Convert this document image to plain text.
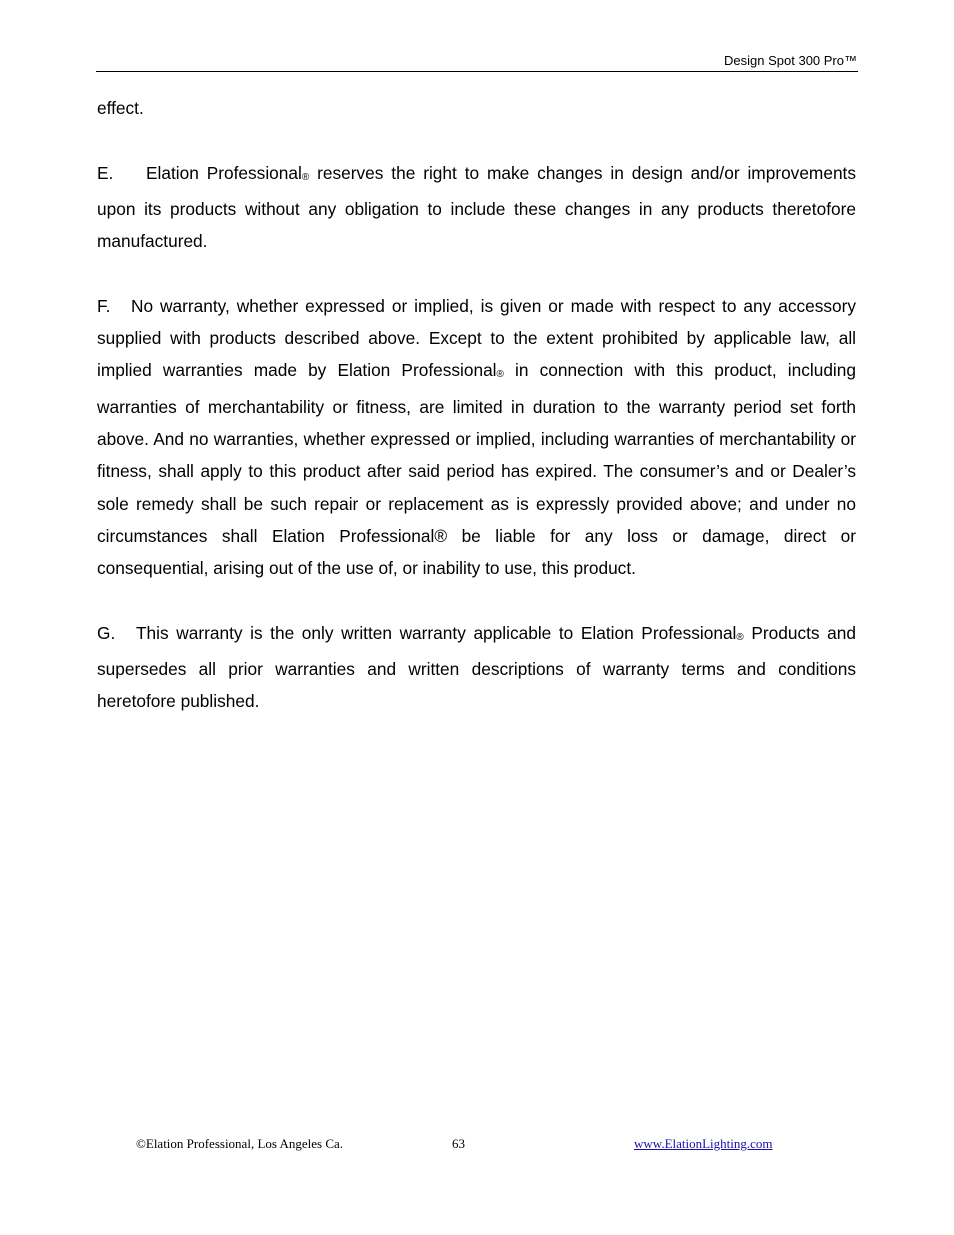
Design Spot 300 Pro™

effect.

E. Elation Professional® reserves the right to make changes in design and/or improvements upon its products without any obligation to include these changes in any products theretofore manufactured.

F. No warranty, whether expressed or implied, is given or made with respect to any accessory supplied with products described above. Except to the extent prohibited by applicable law, all implied warranties made by Elation Professional® in connection with this product, including warranties of merchantability or fitness, are limited in duration to the warranty period set forth above. And no warranties, whether expressed or implied, including warranties of merchantability or fitness, shall apply to this product after said period has expired. The consumer’s and or Dealer’s sole remedy shall be such repair or replacement as is expressly provided above; and under no circumstances shall Elation Professional® be liable for any loss or damage, direct or consequential, arising out of the use of, or inability to use, this product.

G. This warranty is the only written warranty applicable to Elation Professional® Products and supersedes all prior warranties and written descriptions of warranty terms and conditions heretofore published.

©Elation Professional, Los Angeles Ca.	63	www.ElationLighting.com
